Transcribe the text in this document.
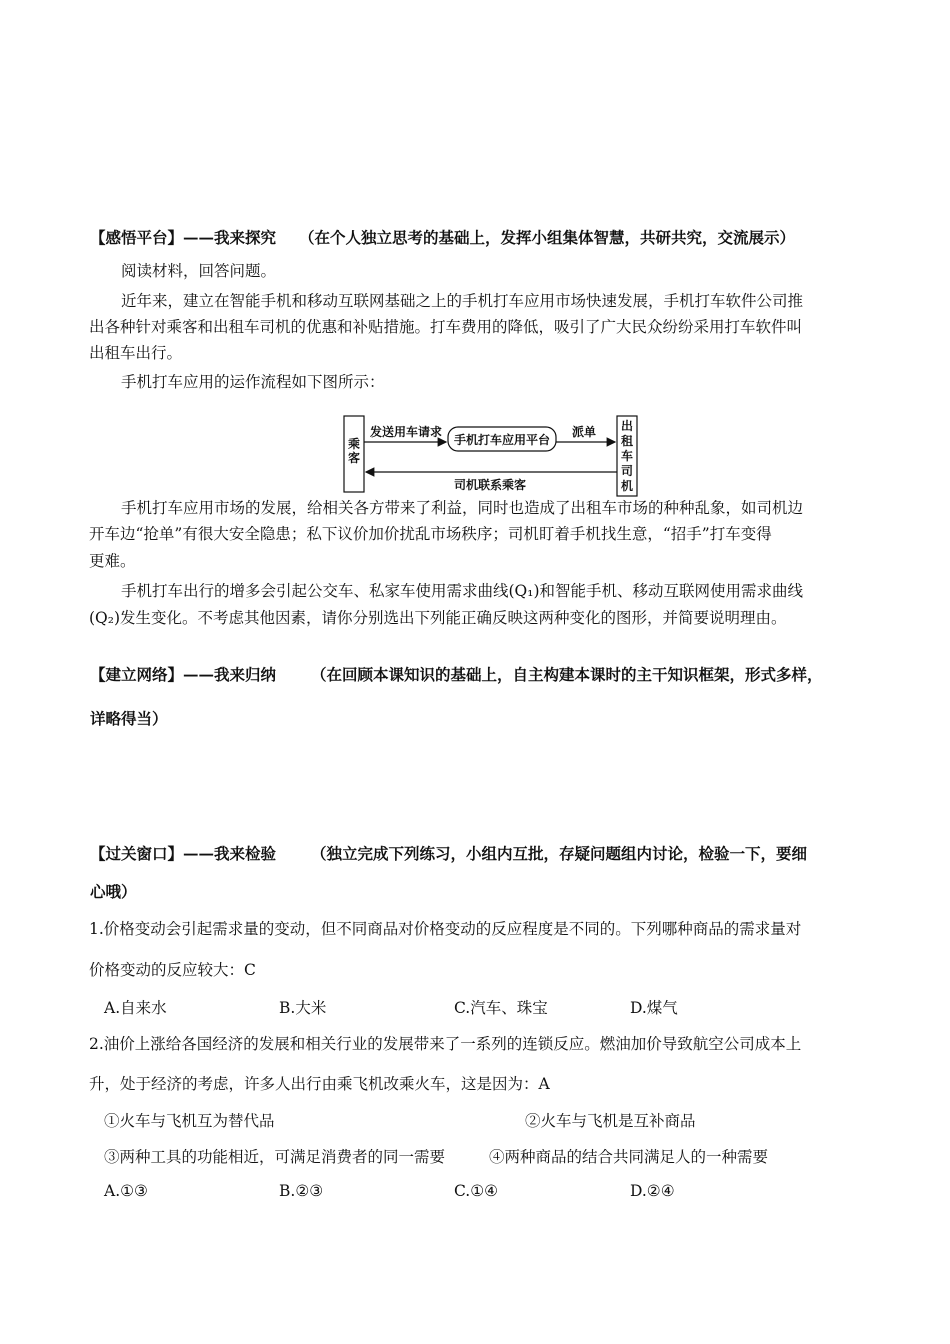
【感悟平台】——我来探究 （在个人独立思考的基础上，发挥小组集体智慧，共研共究，交流展示）
阅读材料，回答问题。
近年来，建立在智能手机和移动互联网基础之上的手机打车应用市场快速发展，手机打车软件公司推
出各种针对乘客和出租车司机的优惠和补贴措施。打车费用的降低，吸引了广大民众纷纷采用打车软件叫
出租车出行。
手机打车应用的运作流程如下图所示：
乘客
发送用车请求
手机打车应用平台
派单 出租车司机
司机联系乘客
手机打车应用市场的发展，给相关各方带来了利益，同时也造成了出租车市场的种种乱象，如司机边
开车边“抢单”有很大安全隐患；私下议价加价扰乱市场秩序；司机盯着手机找生意，“招手”打车变得
更难。
手机打车出行的增多会引起公交车、私家车使用需求曲线(Q₁)和智能手机、移动互联网使用需求曲线
(Q₂)发生变化。不考虑其他因素，请你分别选出下列能正确反映这两种变化的图形，并简要说明理由。
【建立网络】——我来归纳 （在回顾本课知识的基础上，自主构建本课时的主干知识框架，形式多样，
详略得当）
【过关窗口】——我来检验 （独立完成下列练习，小组内互批，存疑问题组内讨论，检验一下，要细
心哦）
1.价格变动会引起需求量的变动，但不同商品对价格变动的反应程度是不同的。下列哪种商品的需求量对
价格变动的反应较大：C
A.自来水	B.大米	C.汽车、珠宝	D.煤气
2.油价上涨给各国经济的发展和相关行业的发展带来了一系列的连锁反应。燃油加价导致航空公司成本上
升，处于经济的考虑，许多人出行由乘飞机改乘火车，这是因为：A
①火车与飞机互为替代品	②火车与飞机是互补商品
③两种工具的功能相近，可满足消费者的同一需要	④两种商品的结合共同满足人的一种需要
A.①③	B.②③	C.①④	D.②④
